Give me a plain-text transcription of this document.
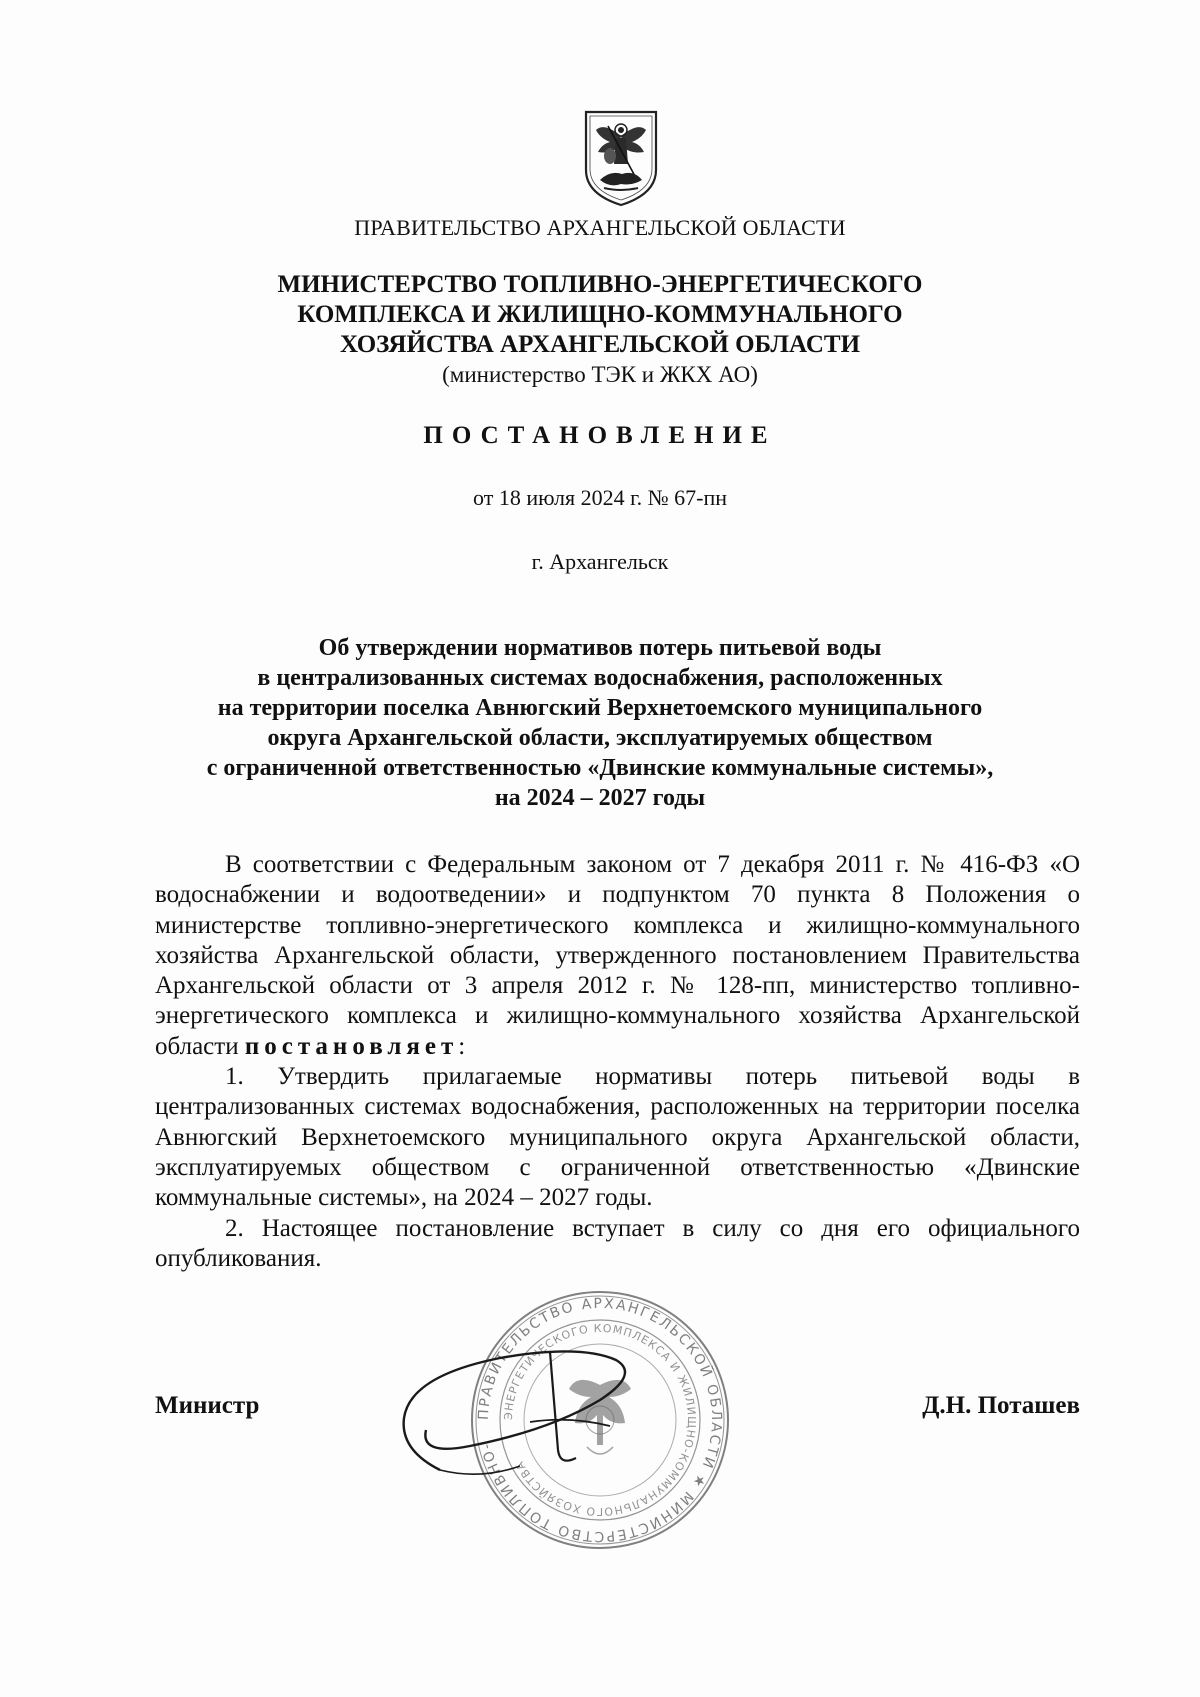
ПРАВИТЕЛЬСТВО АРХАНГЕЛЬСКОЙ ОБЛАСТИ
МИНИСТЕРСТВО ТОПЛИВНО-ЭНЕРГЕТИЧЕСКОГО
КОМПЛЕКСА И ЖИЛИЩНО-КОММУНАЛЬНОГО
ХОЗЯЙСТВА АРХАНГЕЛЬСКОЙ ОБЛАСТИ
(министерство ТЭК и ЖКХ АО)
ПОСТАНОВЛЕНИЕ
от 18 июля 2024 г. № 67-пн
г. Архангельск
Об утверждении нормативов потерь питьевой воды
в централизованных системах водоснабжения, расположенных
на территории поселка Авнюгский Верхнетоемского муниципального
округа Архангельской области, эксплуатируемых обществом
с ограниченной ответственностью «Двинские коммунальные системы»,
на 2024 – 2027 годы

В соответствии с Федеральным законом от 7 декабря 2011 г. № 416-ФЗ «О водоснабжении и водоотведении» и подпунктом 70 пункта 8 Положения о министерстве топливно-энергетического комплекса и жилищно-коммунального хозяйства Архангельской области, утвержденного постановлением Правительства Архангельской области от 3 апреля 2012 г. № 128-пп, министерство топливно-энергетического комплекса и жилищно-коммунального хозяйства Архангельской области постановляет:

1. Утвердить прилагаемые нормативы потерь питьевой воды в централизованных системах водоснабжения, расположенных на территории поселка Авнюгский Верхнетоемского муниципального округа Архангельской области, эксплуатируемых обществом с ограниченной ответственностью «Двинские коммунальные системы», на 2024 – 2027 годы.

2. Настоящее постановление вступает в силу со дня его официального опубликования.

ПРАВИТЕЛЬСТВО АРХАНГЕЛЬСКОЙ ОБЛАСТИ ★ МИНИСТЕРСТВО ТОПЛИВНО-
ЭНЕРГЕТИЧЕСКОГО КОМПЛЕКСА И ЖИЛИЩНО-КОММУНАЛЬНОГО ХОЗЯЙСТВА
Министр	Д.Н. Поташев
